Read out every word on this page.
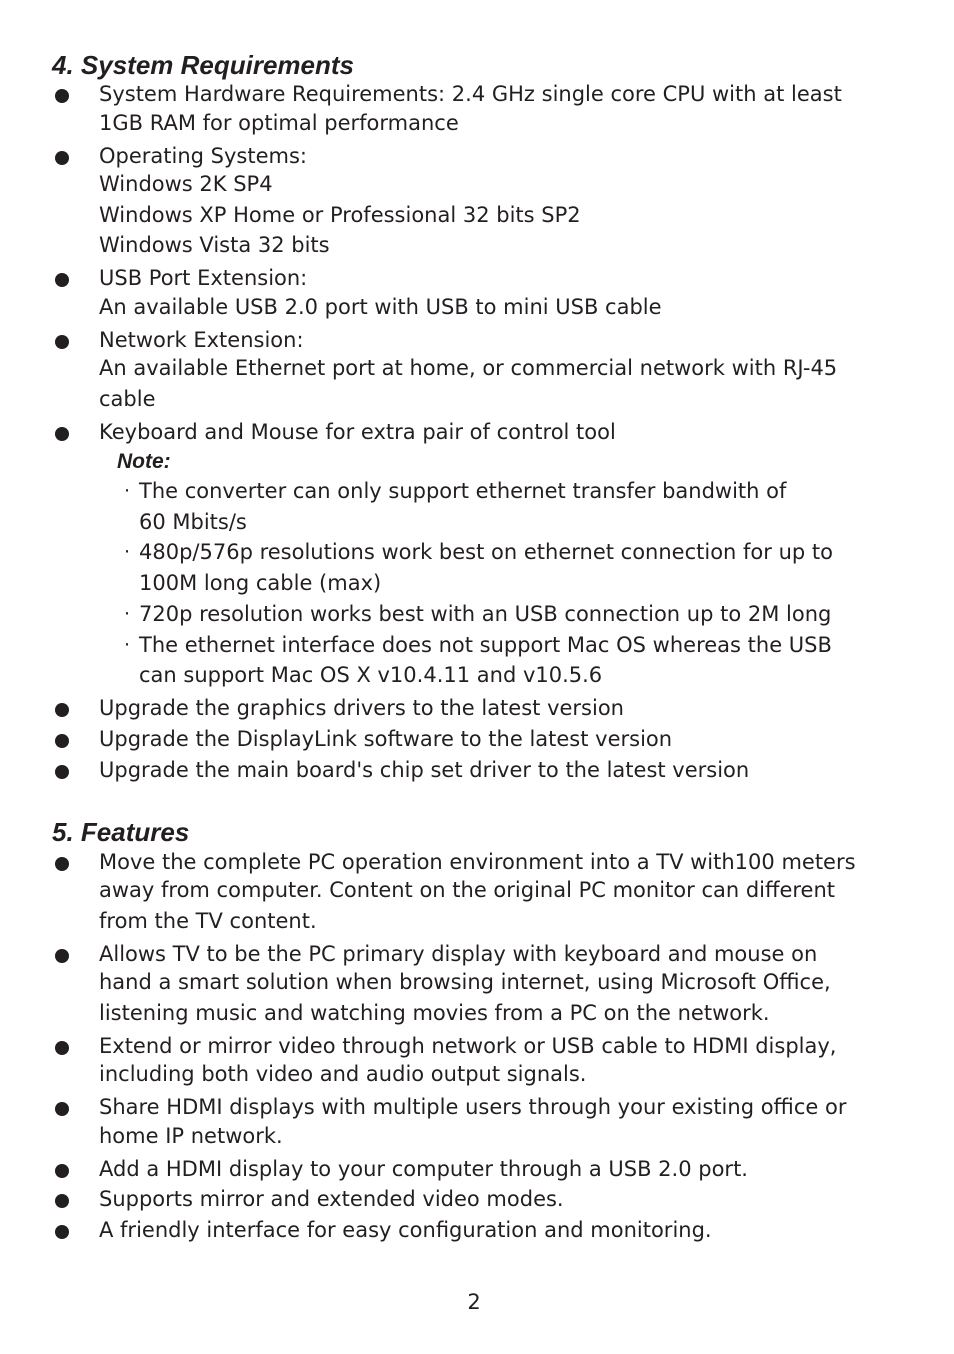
4. System Requirements

System Hardware Requirements: 2.4 GHz single core CPU with at least

1GB RAM for optimal performance

Operating Systems:

Windows 2K SP4

Windows XP Home or Professional 32 bits SP2

Windows Vista 32 bits

USB Port Extension:

An available USB 2.0 port with USB to mini USB cable

Network Extension:

An available Ethernet port at home, or commercial network with RJ-45

cable

Keyboard and Mouse for extra pair of control tool

Note:

· The converter can only support ethernet transfer bandwith of

60 Mbits/s

· 480p/576p resolutions work best on ethernet connection for up to

100M long cable (max)

· 720p resolution works best with an USB connection up to 2M long

· The ethernet interface does not support Mac OS whereas the USB

can support Mac OS X v10.4.11 and v10.5.6

Upgrade the graphics drivers to the latest version

Upgrade the DisplayLink software to the latest version

Upgrade the main board's chip set driver to the latest version

5. Features

Move the complete PC operation environment into a TV with100 meters

away from computer. Content on the original PC monitor can different

from the TV content.

Allows TV to be the PC primary display with keyboard and mouse on

hand a smart solution when browsing internet, using Microsoft Office,

listening music and watching movies from a PC on the network.

Extend or mirror video through network or USB cable to HDMI display,

including both video and audio output signals.

Share HDMI displays with multiple users through your existing office or

home IP network.

Add a HDMI display to your computer through a USB 2.0 port.

Supports mirror and extended video modes.

A friendly interface for easy configuration and monitoring.

2
